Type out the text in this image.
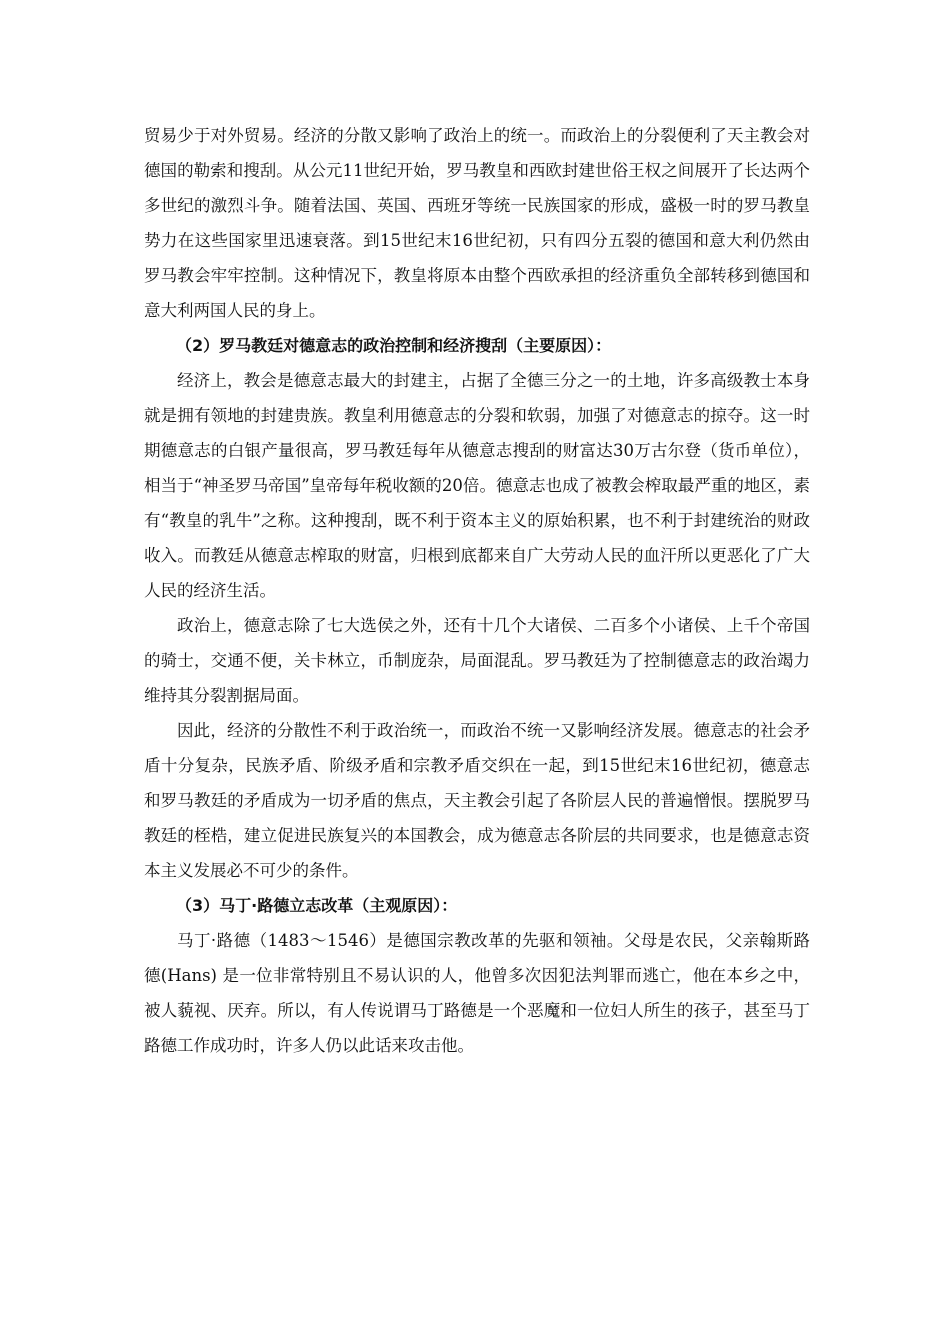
贸易少于对外贸易。经济的分散又影响了政治上的统一。而政治上的分裂便利了天主教会对德国的勒索和搜刮。从公元11世纪开始，罗马教皇和西欧封建世俗王权之间展开了长达两个多世纪的激烈斗争。随着法国、英国、西班牙等统一民族国家的形成，盛极一时的罗马教皇势力在这些国家里迅速衰落。到15世纪末16世纪初，只有四分五裂的德国和意大利仍然由罗马教会牢牢控制。这种情况下，教皇将原本由整个西欧承担的经济重负全部转移到德国和意大利两国人民的身上。

（2）罗马教廷对德意志的政治控制和经济搜刮（主要原因）：

经济上，教会是德意志最大的封建主，占据了全德三分之一的土地，许多高级教士本身就是拥有领地的封建贵族。教皇利用德意志的分裂和软弱，加强了对德意志的掠夺。这一时期德意志的白银产量很高，罗马教廷每年从德意志搜刮的财富达30万古尔登（货币单位），相当于“神圣罗马帝国”皇帝每年税收额的20倍。德意志也成了被教会榨取最严重的地区，素有“教皇的乳牛”之称。这种搜刮，既不利于资本主义的原始积累，也不利于封建统治的财政收入。而教廷从德意志榨取的财富，归根到底都来自广大劳动人民的血汗所以更恶化了广大人民的经济生活。

政治上，德意志除了七大选侯之外，还有十几个大诸侯、二百多个小诸侯、上千个帝国的骑士，交通不便，关卡林立，币制庞杂，局面混乱。罗马教廷为了控制德意志的政治竭力维持其分裂割据局面。

因此，经济的分散性不利于政治统一，而政治不统一又影响经济发展。德意志的社会矛盾十分复杂，民族矛盾、阶级矛盾和宗教矛盾交织在一起，到15世纪末16世纪初，德意志和罗马教廷的矛盾成为一切矛盾的焦点，天主教会引起了各阶层人民的普遍憎恨。摆脱罗马教廷的桎梏，建立促进民族复兴的本国教会，成为德意志各阶层的共同要求，也是德意志资本主义发展必不可少的条件。

（3）马丁·路德立志改革（主观原因）：

马丁·路德（1483～1546）是德国宗教改革的先驱和领袖。父母是农民，父亲翰斯路德(Hans) 是一位非常特别且不易认识的人，他曾多次因犯法判罪而逃亡，他在本乡之中，被人藐视、厌弃。所以，有人传说谓马丁路德是一个恶魔和一位妇人所生的孩子，甚至马丁路德工作成功时，许多人仍以此话来攻击他。
